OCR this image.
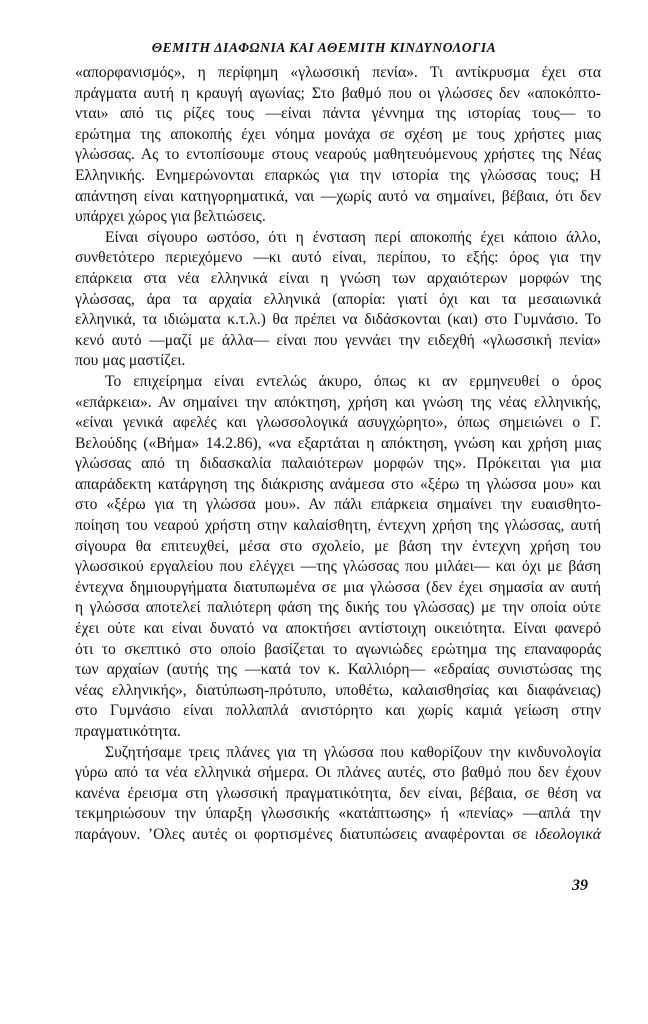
ΘΕΜΙΤΗ ΔΙΑΦΩΝΙΑ ΚΑΙ ΑΘΕΜΙΤΗ ΚΙΝΔΥΝΟΛΟΓΙΑ
«απορφανισμός», η περίφημη «γλωσσική πενία». Τι αντίκρυσμα έχει στα
πράγματα αυτή η κραυγή αγωνίας; Στο βαθμό που οι γλώσσες δεν «αποκόπτο-
νται» από τις ρίζες τους —είναι πάντα γέννημα της ιστορίας τους— το
ερώτημα της αποκοπής έχει νόημα μονάχα σε σχέση με τους χρήστες μιας
γλώσσας. Ας το εντοπίσουμε στους νεαρούς μαθητευόμενους χρήστες της Νέας
Ελληνικής. Ενημερώνονται επαρκώς για την ιστορία της γλώσσας τους; Η
απάντηση είναι κατηγορηματικά, ναι —χωρίς αυτό να σημαίνει, βέβαια, ότι δεν
υπάρχει χώρος για βελτιώσεις.
Είναι σίγουρο ωστόσο, ότι η ένσταση περί αποκοπής έχει κάποιο άλλο,
συνθετότερο περιεχόμενο —κι αυτό είναι, περίπου, το εξής: όρος για την
επάρκεια στα νέα ελληνικά είναι η γνώση των αρχαιότερων μορφών της
γλώσσας, άρα τα αρχαία ελληνικά (απορία: γιατί όχι και τα μεσαιωνικά
ελληνικά, τα ιδιώματα κ.τ.λ.) θα πρέπει να διδάσκονται (και) στο Γυμνάσιο. Το
κενό αυτό —μαζί με άλλα— είναι που γεννάει την ειδεχθή «γλωσσική πενία»
που μας μαστίζει.
Το επιχείρημα είναι εντελώς άκυρο, όπως κι αν ερμηνευθεί ο όρος
«επάρκεια». Αν σημαίνει την απόκτηση, χρήση και γνώση της νέας ελληνικής,
«είναι γενικά αφελές και γλωσσολογικά ασυγχώρητο», όπως σημειώνει ο Γ.
Βελούδης («Βήμα» 14.2.86), «να εξαρτάται η απόκτηση, γνώση και χρήση μιας
γλώσσας από τη διδασκαλία παλαιότερων μορφών της». Πρόκειται για μια
απαράδεκτη κατάργηση της διάκρισης ανάμεσα στο «ξέρω τη γλώσσα μου» και
στο «ξέρω για τη γλώσσα μου». Αν πάλι επάρκεια σημαίνει την ευαισθητο-
ποίηση του νεαρού χρήστη στην καλαίσθητη, έντεχνη χρήση της γλώσσας, αυτή
σίγουρα θα επιτευχθεί, μέσα στο σχολείο, με βάση την έντεχνη χρήση του
γλωσσικού εργαλείου που ελέγχει —της γλώσσας που μιλάει— και όχι με βάση
έντεχνα δημιουργήματα διατυπωμένα σε μια γλώσσα (δεν έχει σημασία αν αυτή
η γλώσσα αποτελεί παλιότερη φάση της δικής του γλώσσας) με την οποία ούτε
έχει ούτε και είναι δυνατό να αποκτήσει αντίστοιχη οικειότητα. Είναι φανερό
ότι το σκεπτικό στο οποίο βασίζεται το αγωνιώδες ερώτημα της επαναφοράς
των αρχαίων (αυτής της —κατά τον κ. Καλλιόρη— «εδραίας συνιστώσας της
νέας ελληνικής», διατύπωση-πρότυπο, υποθέτω, καλαισθησίας και διαφάνειας)
στο Γυμνάσιο είναι πολλαπλά ανιστόρητο και χωρίς καμιά γείωση στην
πραγματικότητα.
Συζητήσαμε τρεις πλάνες για τη γλώσσα που καθορίζουν την κινδυνολογία
γύρω από τα νέα ελληνικά σήμερα. Οι πλάνες αυτές, στο βαθμό που δεν έχουν
κανένα έρεισμα στη γλωσσική πραγματικότητα, δεν είναι, βέβαια, σε θέση να
τεκμηριώσουν την ύπαρξη γλωσσικής «κατάπτωσης» ή «πενίας» —απλά την
παράγουν. ʼΟλες αυτές οι φορτισμένες διατυπώσεις αναφέρονται σε ιδεολογικά
39
